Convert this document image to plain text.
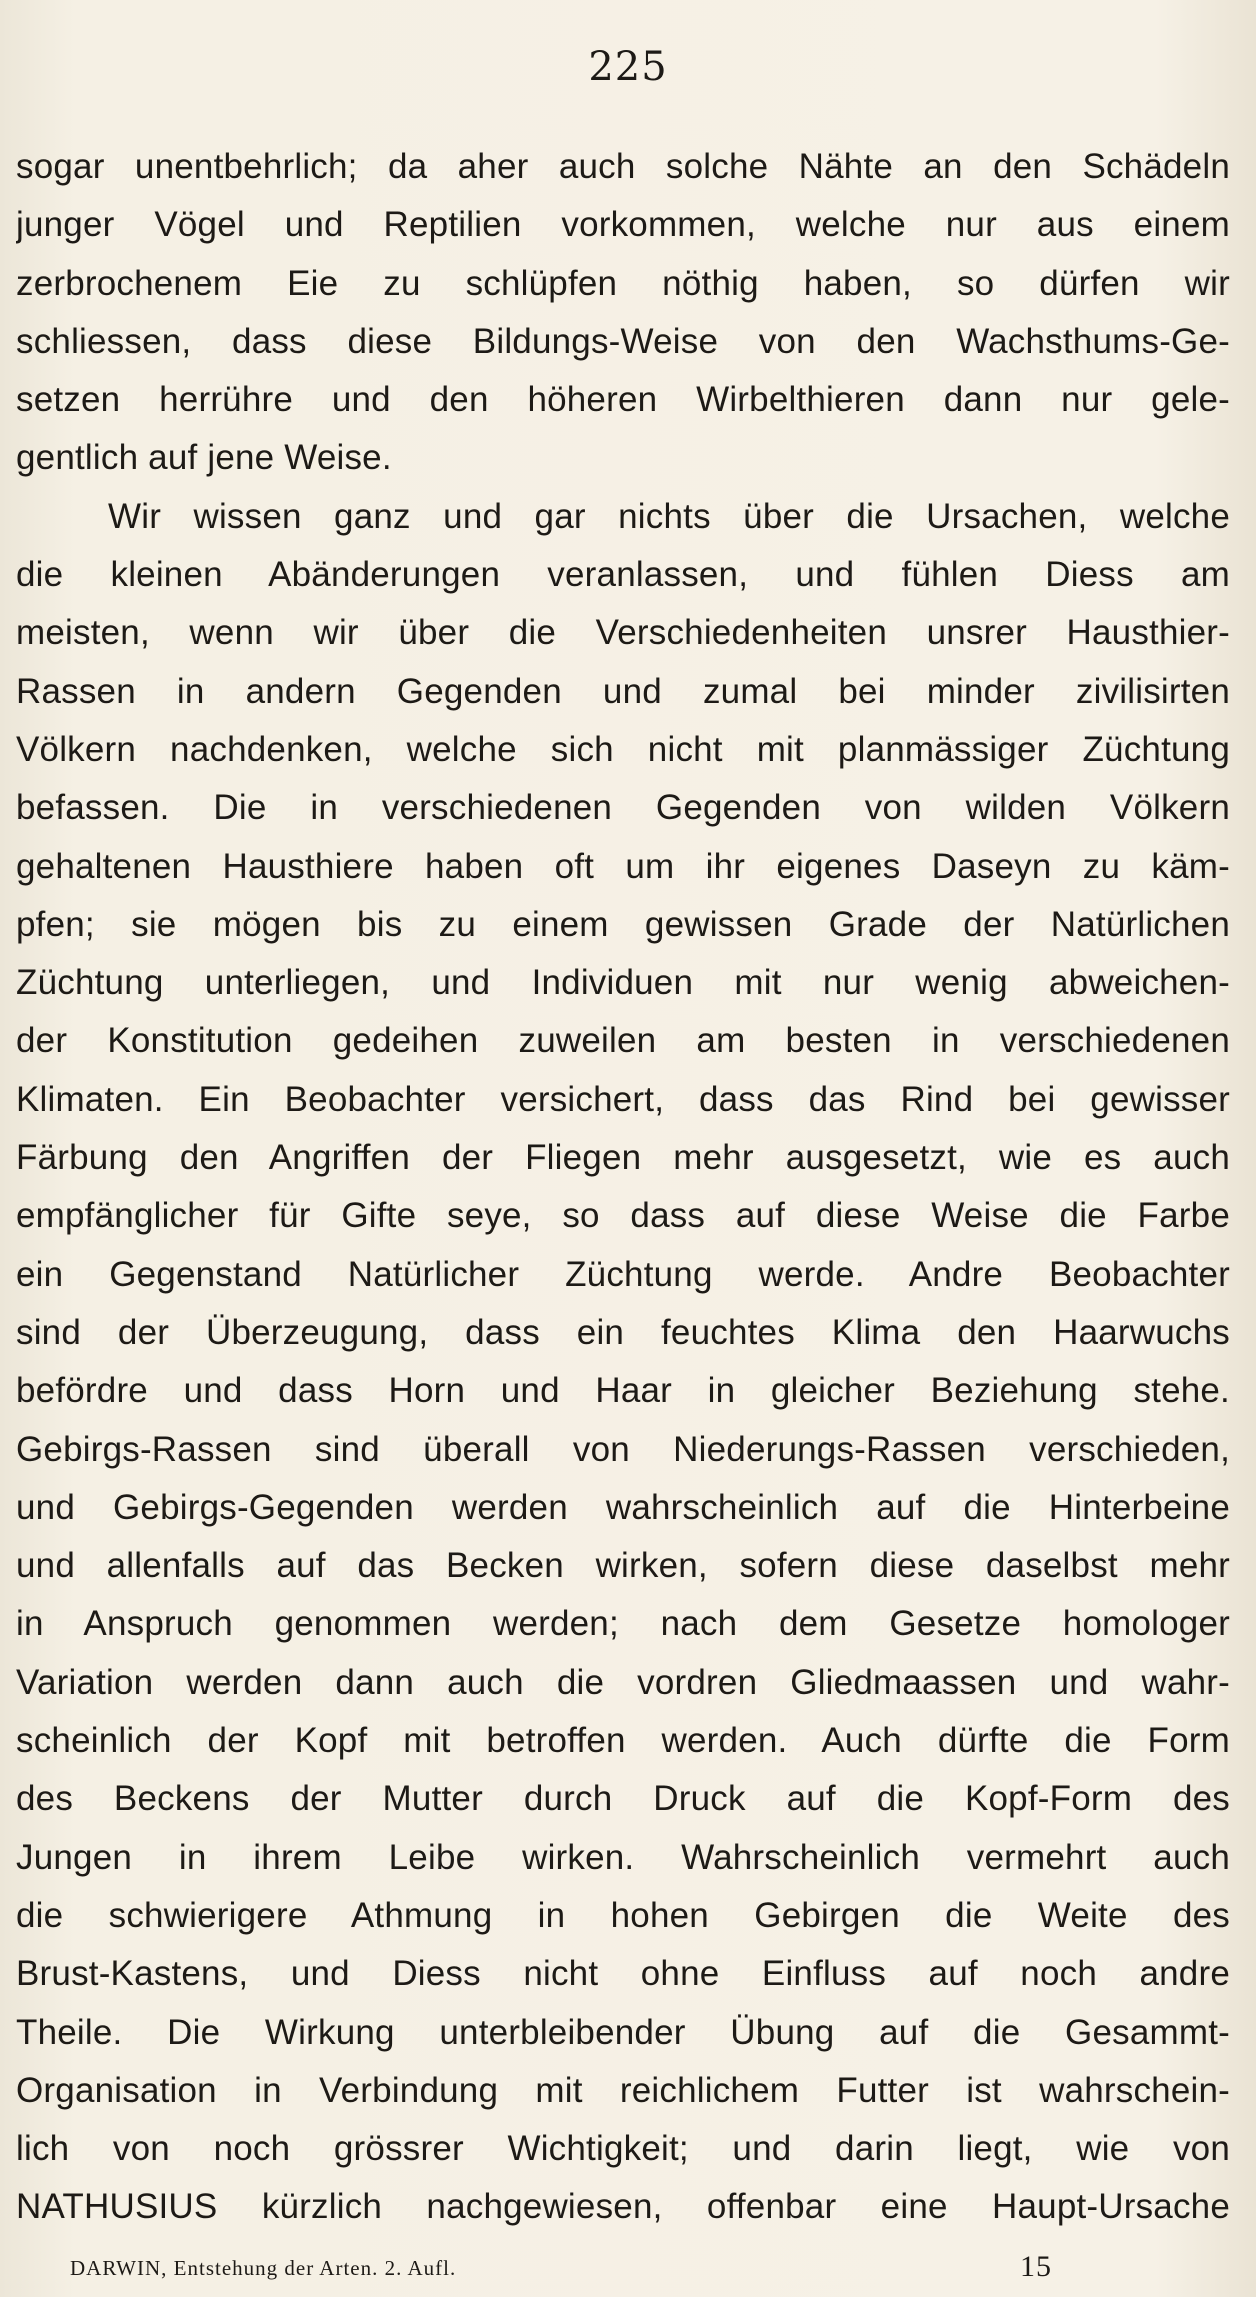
225
sogar unentbehrlich; da aher auch solche Nähte an den Schädeln
junger Vögel und Reptilien vorkommen, welche nur aus einem
zerbrochenem Eie zu schlüpfen nöthig haben, so dürfen wir
schliessen, dass diese Bildungs-Weise von den Wachsthums-Ge-
setzen herrühre und den höheren Wirbelthieren dann nur gele-
gentlich auf jene Weise.
Wir wissen ganz und gar nichts über die Ursachen, welche
die kleinen Abänderungen veranlassen, und fühlen Diess am
meisten, wenn wir über die Verschiedenheiten unsrer Hausthier-
Rassen in andern Gegenden und zumal bei minder zivilisirten
Völkern nachdenken, welche sich nicht mit planmässiger Züchtung
befassen. Die in verschiedenen Gegenden von wilden Völkern
gehaltenen Hausthiere haben oft um ihr eigenes Daseyn zu käm-
pfen; sie mögen bis zu einem gewissen Grade der Natürlichen
Züchtung unterliegen, und Individuen mit nur wenig abweichen-
der Konstitution gedeihen zuweilen am besten in verschiedenen
Klimaten. Ein Beobachter versichert, dass das Rind bei gewisser
Färbung den Angriffen der Fliegen mehr ausgesetzt, wie es auch
empfänglicher für Gifte seye, so dass auf diese Weise die Farbe
ein Gegenstand Natürlicher Züchtung werde. Andre Beobachter
sind der Überzeugung, dass ein feuchtes Klima den Haarwuchs
befördre und dass Horn und Haar in gleicher Beziehung stehe.
Gebirgs-Rassen sind überall von Niederungs-Rassen verschieden,
und Gebirgs-Gegenden werden wahrscheinlich auf die Hinterbeine
und allenfalls auf das Becken wirken, sofern diese daselbst mehr
in Anspruch genommen werden; nach dem Gesetze homologer
Variation werden dann auch die vordren Gliedmaassen und wahr-
scheinlich der Kopf mit betroffen werden. Auch dürfte die Form
des Beckens der Mutter durch Druck auf die Kopf-Form des
Jungen in ihrem Leibe wirken. Wahrscheinlich vermehrt auch
die schwierigere Athmung in hohen Gebirgen die Weite des
Brust-Kastens, und Diess nicht ohne Einfluss auf noch andre
Theile. Die Wirkung unterbleibender Übung auf die Gesammt-
Organisation in Verbindung mit reichlichem Futter ist wahrschein-
lich von noch grössrer Wichtigkeit; und darin liegt, wie von
NATHUSIUS kürzlich nachgewiesen, offenbar eine Haupt-Ursache
DARWIN, Entstehung der Arten. 2. Aufl.	15
